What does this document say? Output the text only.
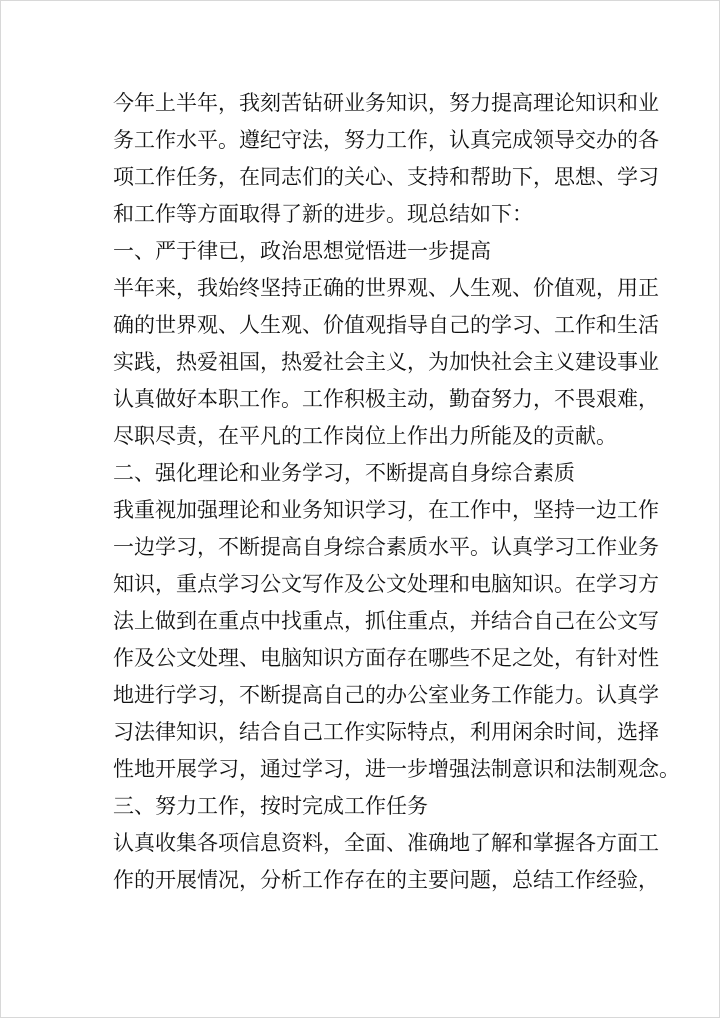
今年上半年，我刻苦钻研业务知识，努力提高理论知识和业
务工作水平。遵纪守法，努力工作，认真完成领导交办的各
项工作任务，在同志们的关心、支持和帮助下，思想、学习
和工作等方面取得了新的进步。现总结如下：
一、严于律已，政治思想觉悟进一步提高
半年来，我始终坚持正确的世界观、人生观、价值观，用正
确的世界观、人生观、价值观指导自己的学习、工作和生活
实践，热爱祖国，热爱社会主义，为加快社会主义建设事业
认真做好本职工作。工作积极主动，勤奋努力，不畏艰难，
尽职尽责，在平凡的工作岗位上作出力所能及的贡献。
二、强化理论和业务学习，不断提高自身综合素质
我重视加强理论和业务知识学习，在工作中，坚持一边工作
一边学习，不断提高自身综合素质水平。认真学习工作业务
知识，重点学习公文写作及公文处理和电脑知识。在学习方
法上做到在重点中找重点，抓住重点，并结合自己在公文写
作及公文处理、电脑知识方面存在哪些不足之处，有针对性
地进行学习，不断提高自己的办公室业务工作能力。认真学
习法律知识，结合自己工作实际特点，利用闲余时间，选择
性地开展学习，通过学习，进一步增强法制意识和法制观念。
三、努力工作，按时完成工作任务
认真收集各项信息资料，全面、准确地了解和掌握各方面工
作的开展情况，分析工作存在的主要问题，总结工作经验，
